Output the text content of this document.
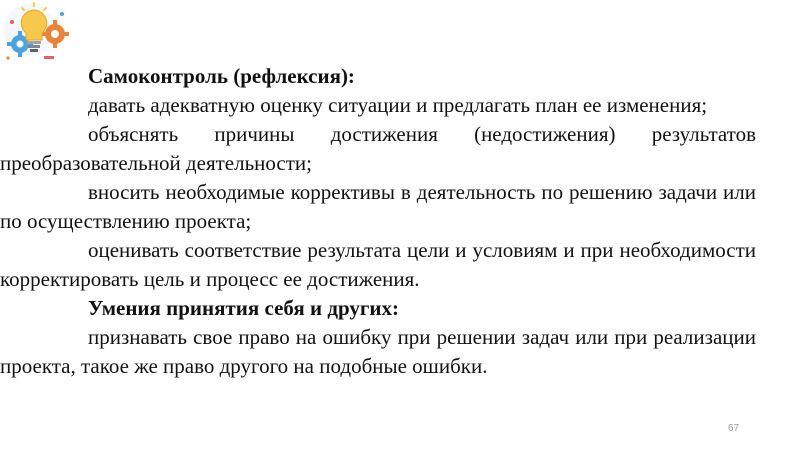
Самоконтроль (рефлексия):

давать адекватную оценку ситуации и предлагать план ее изменения;

объяснять причины достижения (недостижения) результатов преобразовательной деятельности;

вносить необходимые коррективы в деятельность по решению задачи или по осуществлению проекта;

оценивать соответствие результата цели и условиям и при необходимости корректировать цель и процесс ее достижения.

Умения принятия себя и других:

признавать свое право на ошибку при решении задач или при реализации проекта, такое же право другого на подобные ошибки.

67
